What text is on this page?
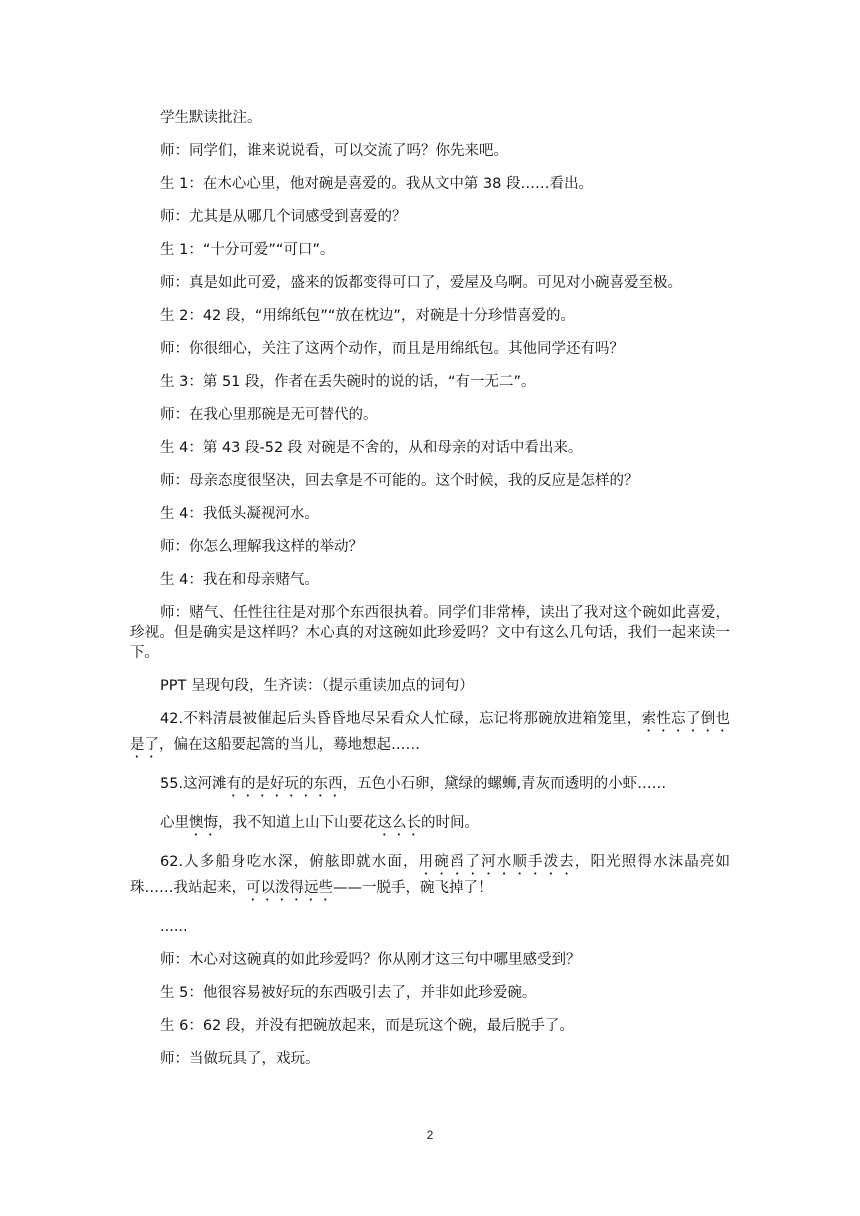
学生默读批注。

师：同学们，谁来说说看，可以交流了吗？你先来吧。

生 1：在木心心里，他对碗是喜爱的。我从文中第 38 段……看出。

师：尤其是从哪几个词感受到喜爱的？

生 1：“十分可爱”“可口”。

师：真是如此可爱，盛来的饭都变得可口了，爱屋及乌啊。可见对小碗喜爱至极。

生 2：42 段，“用绵纸包”“放在枕边”，对碗是十分珍惜喜爱的。

师：你很细心，关注了这两个动作，而且是用绵纸包。其他同学还有吗？

生 3：第 51 段，作者在丢失碗时的说的话，“有一无二”。

师：在我心里那碗是无可替代的。

生 4：第 43 段-52 段 对碗是不舍的，从和母亲的对话中看出来。

师：母亲态度很坚决，回去拿是不可能的。这个时候，我的反应是怎样的？

生 4：我低头凝视河水。

师：你怎么理解我这样的举动？

生 4：我在和母亲赌气。

师：赌气、任性往往是对那个东西很执着。同学们非常棒，读出了我对这个碗如此喜爱，珍视。但是确实是这样吗？木心真的对这碗如此珍爱吗？文中有这么几句话，我们一起来读一下。

PPT 呈现句段，生齐读：（提示重读加点的词句）

42.不料清晨被催起后头昏昏地尽呆看众人忙碌，忘记将那碗放进箱笼里，索性忘了倒也是了，偏在这船要起篙的当儿，蓦地想起……

55.这河滩有的是好玩的东西，五色小石卵，黛绿的螺蛳,青灰而透明的小虾……

心里懊悔，我不知道上山下山要花这么长的时间。

62.人多船身吃水深，俯舷即就水面，用碗舀了河水顺手泼去，阳光照得水沫晶亮如珠……我站起来，可以泼得远些——一脱手，碗飞掉了！

......

师：木心对这碗真的如此珍爱吗？你从刚才这三句中哪里感受到？

生 5：他很容易被好玩的东西吸引去了，并非如此珍爱碗。

生 6：62 段，并没有把碗放起来，而是玩这个碗，最后脱手了。

师：当做玩具了，戏玩。

2
